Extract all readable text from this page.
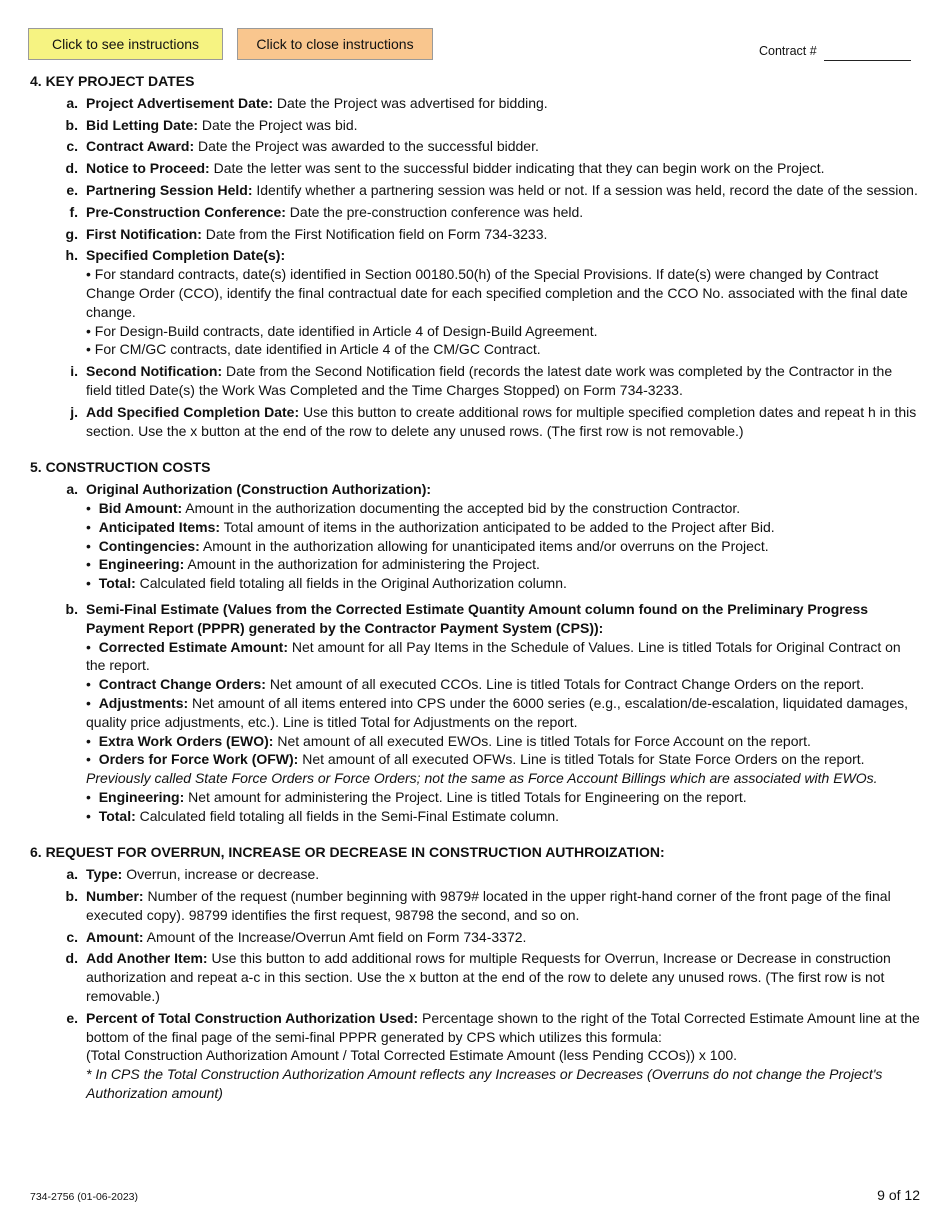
Click to see instructions	Click to close instructions	Contract #
4. KEY PROJECT DATES
a. Project Advertisement Date: Date the Project was advertised for bidding.
b. Bid Letting Date: Date the Project was bid.
c. Contract Award: Date the Project was awarded to the successful bidder.
d. Notice to Proceed: Date the letter was sent to the successful bidder indicating that they can begin work on the Project.
e. Partnering Session Held: Identify whether a partnering session was held or not. If a session was held, record the date of the session.
f. Pre-Construction Conference: Date the pre-construction conference was held.
g. First Notification: Date from the First Notification field on Form 734-3233.
h. Specified Completion Date(s):
• For standard contracts, date(s) identified in Section 00180.50(h) of the Special Provisions. If date(s) were changed by Contract Change Order (CCO), identify the final contractual date for each specified completion and the CCO No. associated with the final date change.
• For Design-Build contracts, date identified in Article 4 of Design-Build Agreement.
• For CM/GC contracts, date identified in Article 4 of the CM/GC Contract.
i. Second Notification: Date from the Second Notification field (records the latest date work was completed by the Contractor in the field titled Date(s) the Work Was Completed and the Time Charges Stopped) on Form 734-3233.
j. Add Specified Completion Date: Use this button to create additional rows for multiple specified completion dates and repeat h in this section. Use the x button at the end of the row to delete any unused rows. (The first row is not removable.)
5. CONSTRUCTION COSTS
a. Original Authorization (Construction Authorization):
•  Bid Amount: Amount in the authorization documenting the accepted bid by the construction Contractor.
•  Anticipated Items: Total amount of items in the authorization anticipated to be added to the Project after Bid.
•  Contingencies: Amount in the authorization allowing for unanticipated items and/or overruns on the Project.
•  Engineering: Amount in the authorization for administering the Project.
•  Total: Calculated field totaling all fields in the Original Authorization column.
b. Semi-Final Estimate (Values from the Corrected Estimate Quantity Amount column found on the Preliminary Progress Payment Report (PPPR) generated by the Contractor Payment System (CPS)):
•  Corrected Estimate Amount: Net amount for all Pay Items in the Schedule of Values. Line is titled Totals for Original Contract on the report.
•  Contract Change Orders: Net amount of all executed CCOs. Line is titled Totals for Contract Change Orders on the report.
•  Adjustments: Net amount of all items entered into CPS under the 6000 series (e.g., escalation/de-escalation, liquidated damages, quality price adjustments, etc.). Line is titled Total for Adjustments on the report.
•  Extra Work Orders (EWO): Net amount of all executed EWOs. Line is titled Totals for Force Account on the report.
•  Orders for Force Work (OFW): Net amount of all executed OFWs. Line is titled Totals for State Force Orders on the report.
Previously called State Force Orders or Force Orders; not the same as Force Account Billings which are associated with EWOs.
•  Engineering: Net amount for administering the Project. Line is titled Totals for Engineering on the report.
•  Total: Calculated field totaling all fields in the Semi-Final Estimate column.
6. REQUEST FOR OVERRUN, INCREASE OR DECREASE IN CONSTRUCTION AUTHROIZATION:
a. Type: Overrun, increase or decrease.
b. Number: Number of the request (number beginning with 9879# located in the upper right-hand corner of the front page of the final executed copy). 98799 identifies the first request, 98798 the second, and so on.
c. Amount: Amount of the Increase/Overrun Amt field on Form 734-3372.
d. Add Another Item: Use this button to add additional rows for multiple Requests for Overrun, Increase or Decrease in construction authorization and repeat a-c in this section. Use the x button at the end of the row to delete any unused rows. (The first row is not removable.)
e. Percent of Total Construction Authorization Used: Percentage shown to the right of the Total Corrected Estimate Amount line at the bottom of the final page of the semi-final PPPR generated by CPS which utilizes this formula:
(Total Construction Authorization Amount / Total Corrected Estimate Amount (less Pending CCOs)) x 100.
* In CPS the Total Construction Authorization Amount reflects any Increases or Decreases (Overruns do not change the Project's Authorization amount)
734-2756 (01-06-2023)	9 of 12
